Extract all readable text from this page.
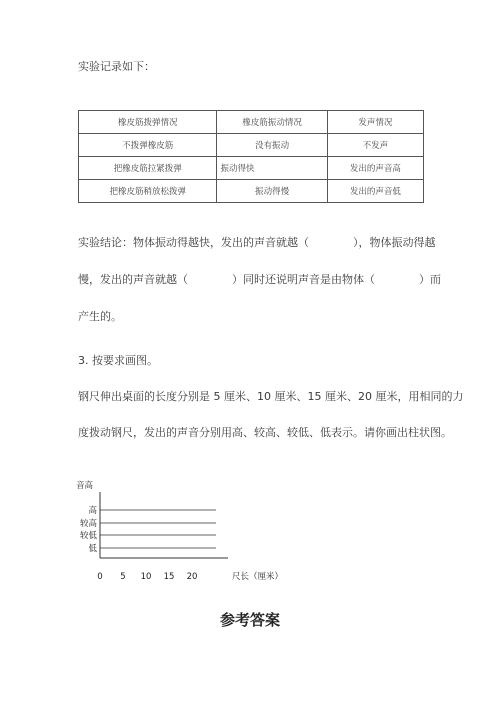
实验记录如下：
橡皮筋拨弹情况	橡皮筋振动情况	发声情况
不拨弹橡皮筋	没有振动	不发声
把橡皮筋拉紧拨弹	振动得快	发出的声音高
把橡皮筋稍放松拨弹	振动得慢	发出的声音低
实验结论：物体振动得越快，发出的声音就越（	），物体振动得越
慢，发出的声音就越（	）同时还说明声音是由物体（	）而
产生的。
3. 按要求画图。
钢尺伸出桌面的长度分别是 5 厘米、10 厘米、15 厘米、20 厘米，用相同的力
度拨动钢尺，发出的声音分别用高、较高、较低、低表示。请你画出柱状图。
音高
尺长（厘米）
高
较高
较低
低
0 5 10 15 20
参考答案
